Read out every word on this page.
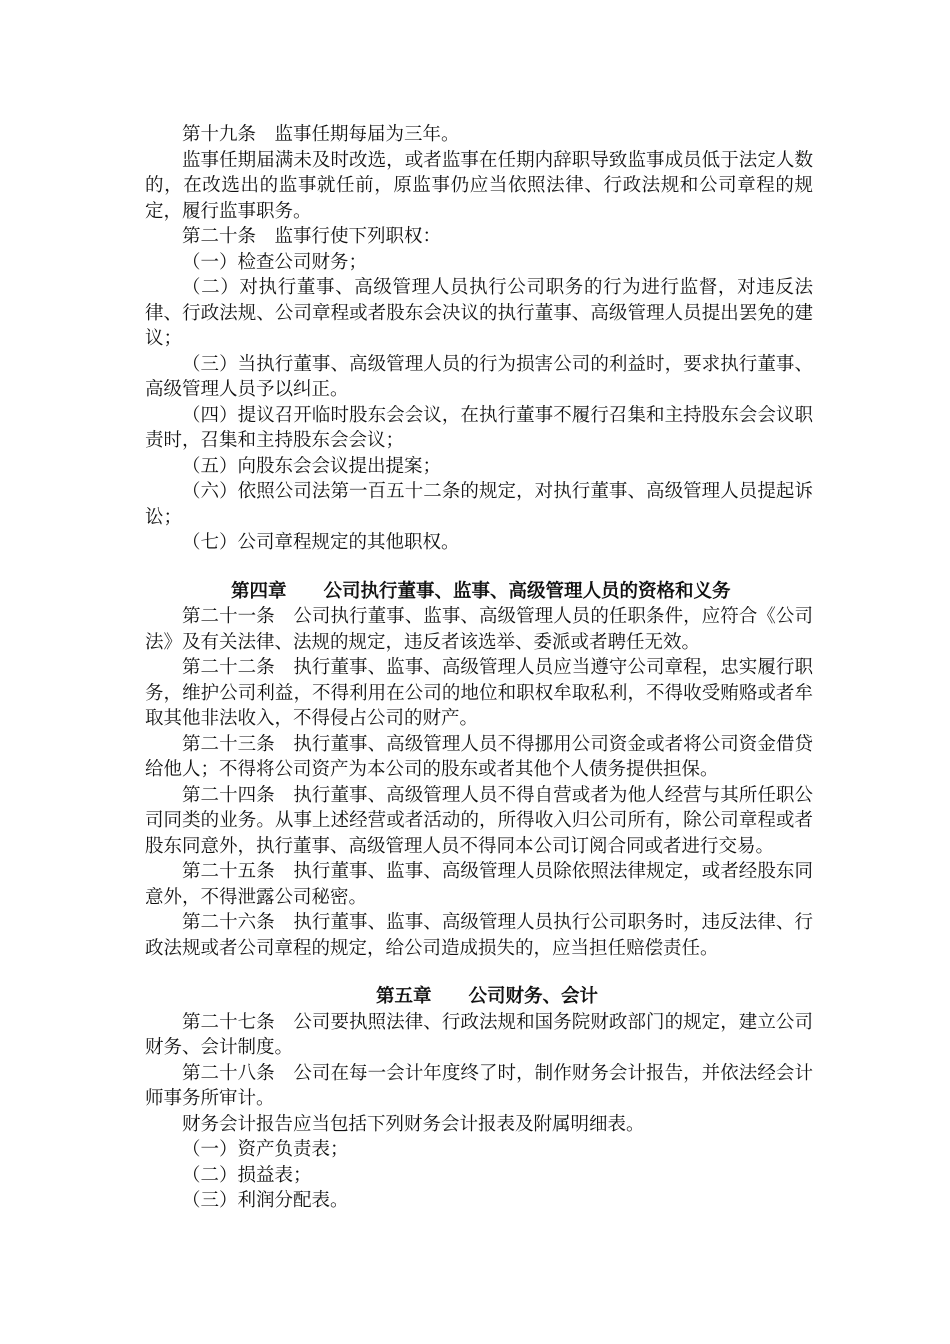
第十九条　监事任期每届为三年。

监事任期届满未及时改选，或者监事在任期内辞职导致监事成员低于法定人数的，在改选出的监事就任前，原监事仍应当依照法律、行政法规和公司章程的规定，履行监事职务。

第二十条　监事行使下列职权：

（一）检查公司财务；

（二）对执行董事、高级管理人员执行公司职务的行为进行监督，对违反法律、行政法规、公司章程或者股东会决议的执行董事、高级管理人员提出罢免的建议；

（三）当执行董事、高级管理人员的行为损害公司的利益时，要求执行董事、高级管理人员予以纠正。

（四）提议召开临时股东会会议，在执行董事不履行召集和主持股东会会议职责时，召集和主持股东会会议；

（五）向股东会会议提出提案；

（六）依照公司法第一百五十二条的规定，对执行董事、高级管理人员提起诉讼；

（七）公司章程规定的其他职权。

第四章　　公司执行董事、监事、高级管理人员的资格和义务

第二十一条　公司执行董事、监事、高级管理人员的任职条件，应符合《公司法》及有关法律、法规的规定，违反者该选举、委派或者聘任无效。

第二十二条　执行董事、监事、高级管理人员应当遵守公司章程，忠实履行职务，维护公司利益，不得利用在公司的地位和职权牟取私利，不得收受贿赂或者牟取其他非法收入，不得侵占公司的财产。

第二十三条　执行董事、高级管理人员不得挪用公司资金或者将公司资金借贷给他人；不得将公司资产为本公司的股东或者其他个人债务提供担保。

第二十四条　执行董事、高级管理人员不得自营或者为他人经营与其所任职公司同类的业务。从事上述经营或者活动的，所得收入归公司所有，除公司章程或者股东同意外，执行董事、高级管理人员不得同本公司订阅合同或者进行交易。

第二十五条　执行董事、监事、高级管理人员除依照法律规定，或者经股东同意外，不得泄露公司秘密。

第二十六条　执行董事、监事、高级管理人员执行公司职务时，违反法律、行政法规或者公司章程的规定，给公司造成损失的，应当担任赔偿责任。

第五章　　公司财务、会计

第二十七条　公司要执照法律、行政法规和国务院财政部门的规定，建立公司财务、会计制度。

第二十八条　公司在每一会计年度终了时，制作财务会计报告，并依法经会计师事务所审计。

财务会计报告应当包括下列财务会计报表及附属明细表。

（一）资产负责表；

（二）损益表；

（三）利润分配表。
